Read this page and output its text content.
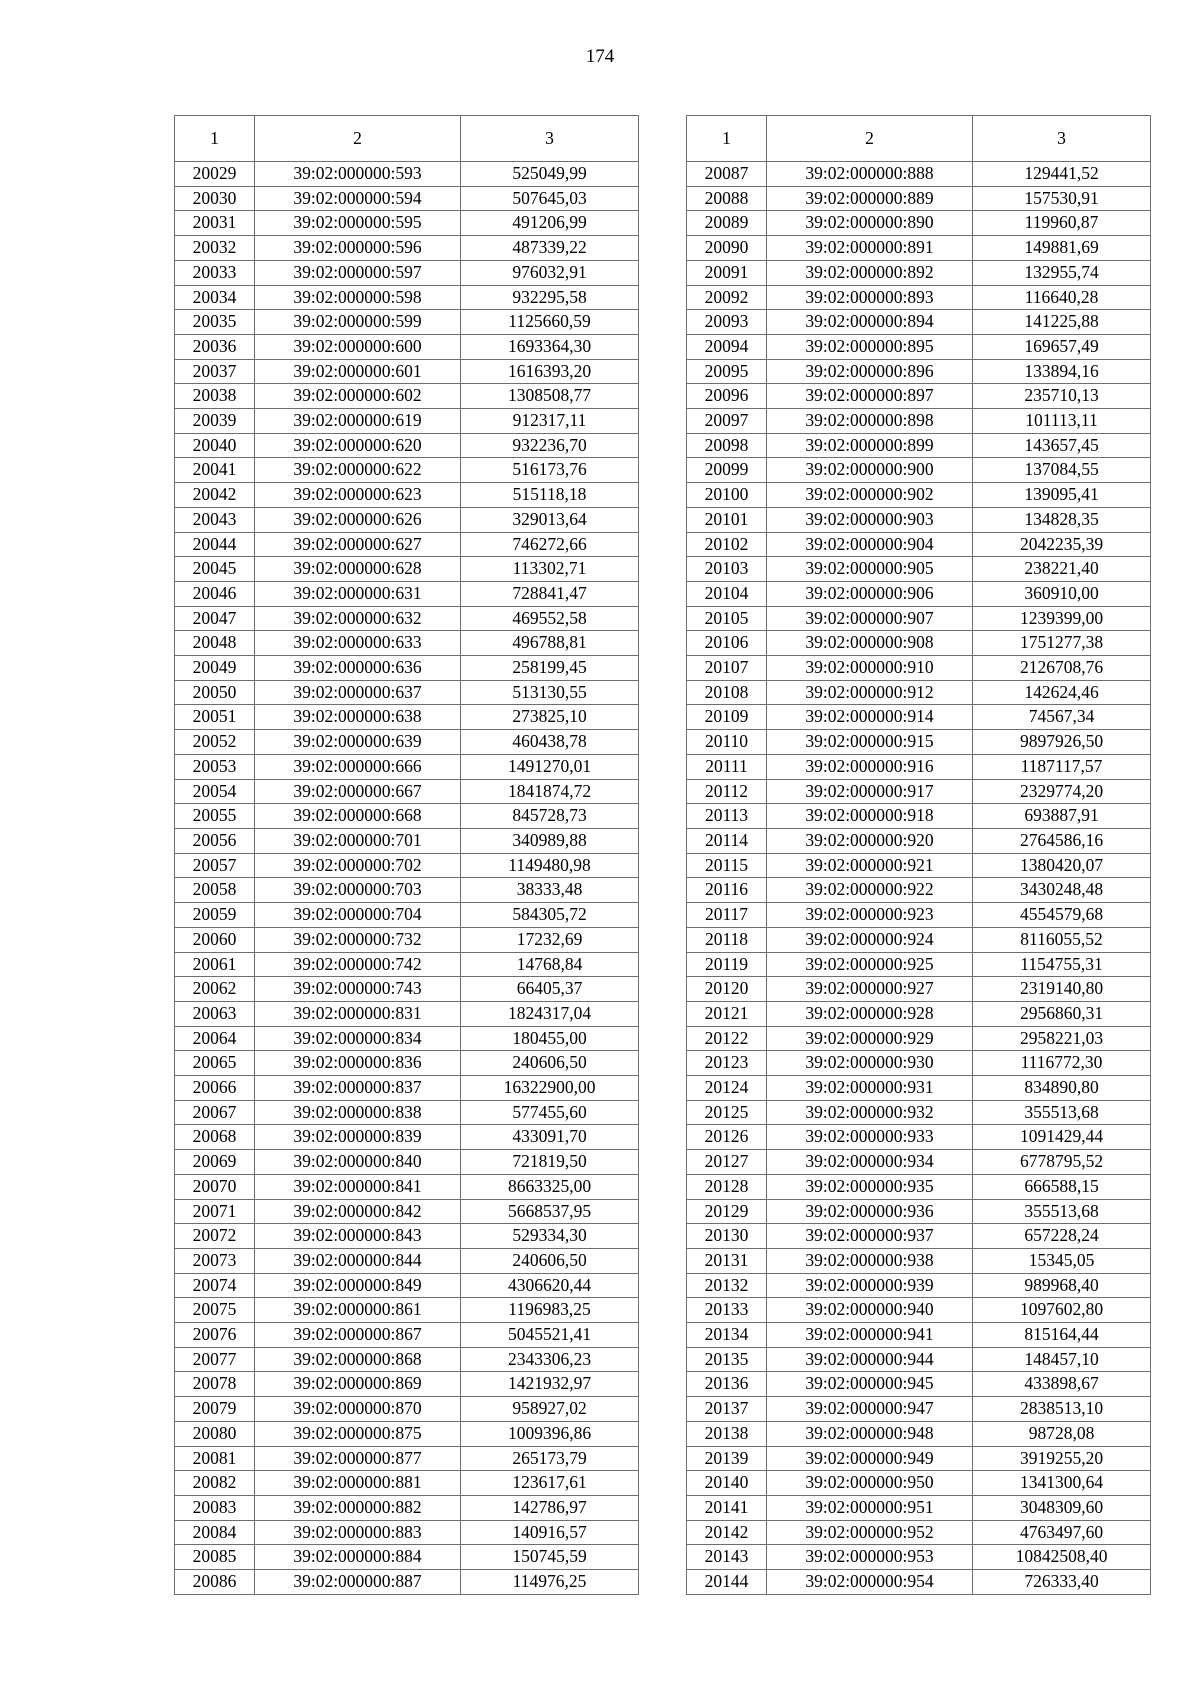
174
1	2	3
20029	39:02:000000:593	525049,99
20030	39:02:000000:594	507645,03
20031	39:02:000000:595	491206,99
20032	39:02:000000:596	487339,22
20033	39:02:000000:597	976032,91
20034	39:02:000000:598	932295,58
20035	39:02:000000:599	1125660,59
20036	39:02:000000:600	1693364,30
20037	39:02:000000:601	1616393,20
20038	39:02:000000:602	1308508,77
20039	39:02:000000:619	912317,11
20040	39:02:000000:620	932236,70
20041	39:02:000000:622	516173,76
20042	39:02:000000:623	515118,18
20043	39:02:000000:626	329013,64
20044	39:02:000000:627	746272,66
20045	39:02:000000:628	113302,71
20046	39:02:000000:631	728841,47
20047	39:02:000000:632	469552,58
20048	39:02:000000:633	496788,81
20049	39:02:000000:636	258199,45
20050	39:02:000000:637	513130,55
20051	39:02:000000:638	273825,10
20052	39:02:000000:639	460438,78
20053	39:02:000000:666	1491270,01
20054	39:02:000000:667	1841874,72
20055	39:02:000000:668	845728,73
20056	39:02:000000:701	340989,88
20057	39:02:000000:702	1149480,98
20058	39:02:000000:703	38333,48
20059	39:02:000000:704	584305,72
20060	39:02:000000:732	17232,69
20061	39:02:000000:742	14768,84
20062	39:02:000000:743	66405,37
20063	39:02:000000:831	1824317,04
20064	39:02:000000:834	180455,00
20065	39:02:000000:836	240606,50
20066	39:02:000000:837	16322900,00
20067	39:02:000000:838	577455,60
20068	39:02:000000:839	433091,70
20069	39:02:000000:840	721819,50
20070	39:02:000000:841	8663325,00
20071	39:02:000000:842	5668537,95
20072	39:02:000000:843	529334,30
20073	39:02:000000:844	240606,50
20074	39:02:000000:849	4306620,44
20075	39:02:000000:861	1196983,25
20076	39:02:000000:867	5045521,41
20077	39:02:000000:868	2343306,23
20078	39:02:000000:869	1421932,97
20079	39:02:000000:870	958927,02
20080	39:02:000000:875	1009396,86
20081	39:02:000000:877	265173,79
20082	39:02:000000:881	123617,61
20083	39:02:000000:882	142786,97
20084	39:02:000000:883	140916,57
20085	39:02:000000:884	150745,59
20086	39:02:000000:887	114976,25
1	2	3
20087	39:02:000000:888	129441,52
20088	39:02:000000:889	157530,91
20089	39:02:000000:890	119960,87
20090	39:02:000000:891	149881,69
20091	39:02:000000:892	132955,74
20092	39:02:000000:893	116640,28
20093	39:02:000000:894	141225,88
20094	39:02:000000:895	169657,49
20095	39:02:000000:896	133894,16
20096	39:02:000000:897	235710,13
20097	39:02:000000:898	101113,11
20098	39:02:000000:899	143657,45
20099	39:02:000000:900	137084,55
20100	39:02:000000:902	139095,41
20101	39:02:000000:903	134828,35
20102	39:02:000000:904	2042235,39
20103	39:02:000000:905	238221,40
20104	39:02:000000:906	360910,00
20105	39:02:000000:907	1239399,00
20106	39:02:000000:908	1751277,38
20107	39:02:000000:910	2126708,76
20108	39:02:000000:912	142624,46
20109	39:02:000000:914	74567,34
20110	39:02:000000:915	9897926,50
20111	39:02:000000:916	1187117,57
20112	39:02:000000:917	2329774,20
20113	39:02:000000:918	693887,91
20114	39:02:000000:920	2764586,16
20115	39:02:000000:921	1380420,07
20116	39:02:000000:922	3430248,48
20117	39:02:000000:923	4554579,68
20118	39:02:000000:924	8116055,52
20119	39:02:000000:925	1154755,31
20120	39:02:000000:927	2319140,80
20121	39:02:000000:928	2956860,31
20122	39:02:000000:929	2958221,03
20123	39:02:000000:930	1116772,30
20124	39:02:000000:931	834890,80
20125	39:02:000000:932	355513,68
20126	39:02:000000:933	1091429,44
20127	39:02:000000:934	6778795,52
20128	39:02:000000:935	666588,15
20129	39:02:000000:936	355513,68
20130	39:02:000000:937	657228,24
20131	39:02:000000:938	15345,05
20132	39:02:000000:939	989968,40
20133	39:02:000000:940	1097602,80
20134	39:02:000000:941	815164,44
20135	39:02:000000:944	148457,10
20136	39:02:000000:945	433898,67
20137	39:02:000000:947	2838513,10
20138	39:02:000000:948	98728,08
20139	39:02:000000:949	3919255,20
20140	39:02:000000:950	1341300,64
20141	39:02:000000:951	3048309,60
20142	39:02:000000:952	4763497,60
20143	39:02:000000:953	10842508,40
20144	39:02:000000:954	726333,40
